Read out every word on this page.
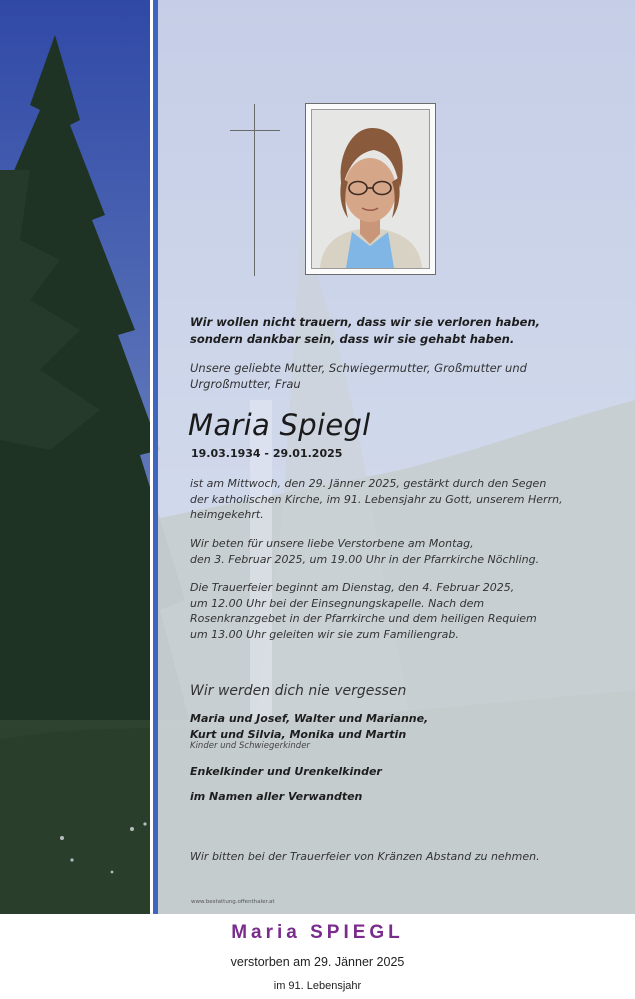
Wir wollen nicht trauern, dass wir sie verloren haben,
sondern dankbar sein, dass wir sie gehabt haben.
Unsere geliebte Mutter, Schwiegermutter, Großmutter und
Urgroßmutter, Frau
Maria Spiegl
19.03.1934 - 29.01.2025
ist am Mittwoch, den 29. Jänner 2025, gestärkt durch den Segen
der katholischen Kirche, im 91. Lebensjahr zu Gott, unserem Herrn,
heimgekehrt.
Wir beten für unsere liebe Verstorbene am Montag,
den 3. Februar 2025, um 19.00 Uhr in der Pfarrkirche Nöchling.
Die Trauerfeier beginnt am Dienstag, den 4. Februar 2025,
um 12.00 Uhr bei der Einsegnungskapelle. Nach dem
Rosenkranzgebet in der Pfarrkirche und dem heiligen Requiem
um 13.00 Uhr geleiten wir sie zum Familiengrab.
Wir werden dich nie vergessen
Maria und Josef, Walter und Marianne,
Kurt und Silvia, Monika und Martin
Kinder und Schwiegerkinder
Enkelkinder und Urenkelkinder
im Namen aller Verwandten
Wir bitten bei der Trauerfeier von Kränzen Abstand zu nehmen.
www.bestattung.offenthaler.at
Maria SPIEGL
verstorben am 29. Jänner 2025
im 91. Lebensjahr
